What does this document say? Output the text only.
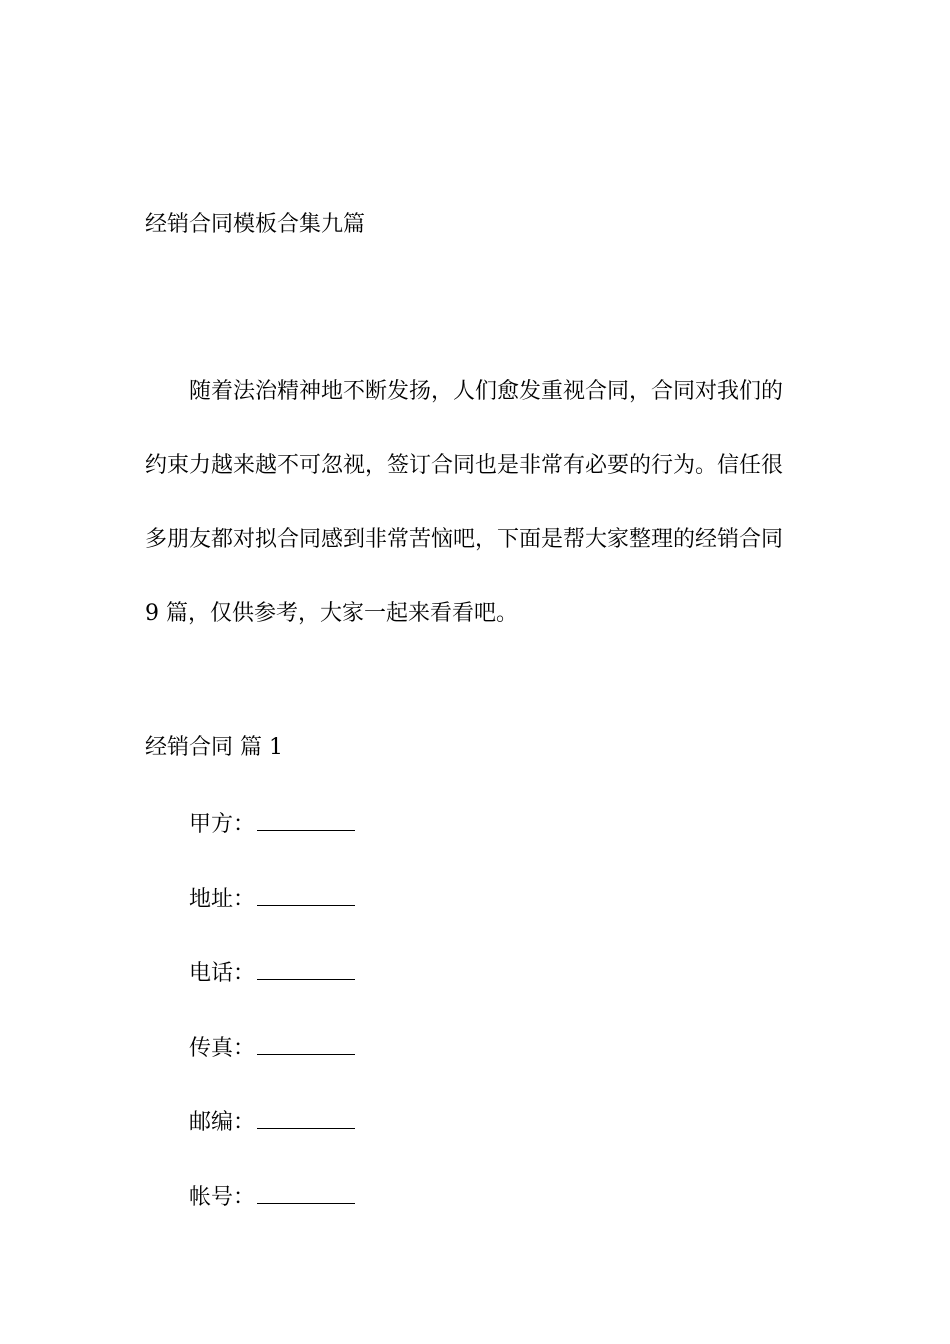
经销合同模板合集九篇
随着法治精神地不断发扬，人们愈发重视合同，合同对我们的
约束力越来越不可忽视，签订合同也是非常有必要的行为。信任很
多朋友都对拟合同感到非常苦恼吧，下面是帮大家整理的经销合同
9 篇，仅供参考，大家一起来看看吧。
经销合同 篇 1
甲方：
地址：
电话：
传真：
邮编：
帐号：
